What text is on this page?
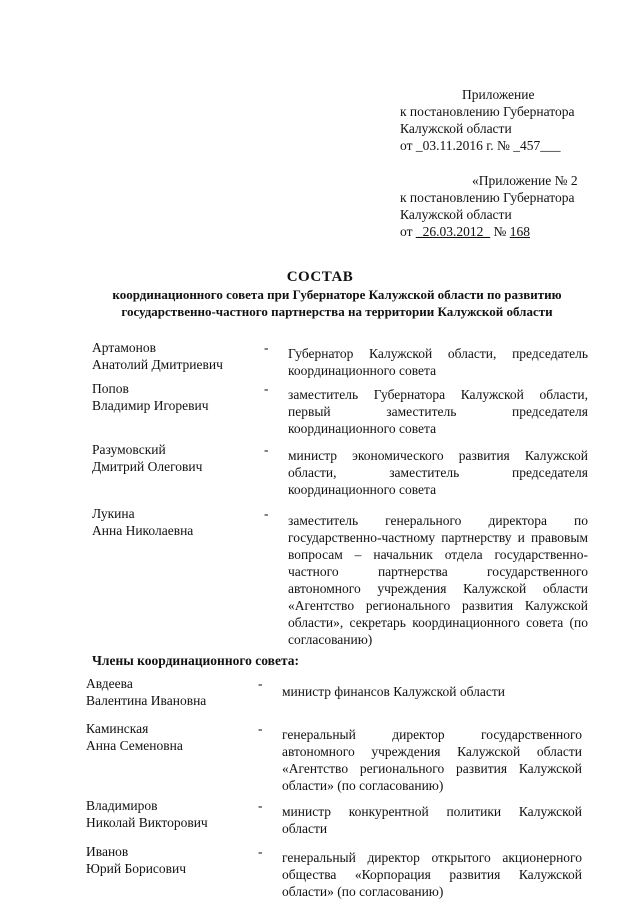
Приложение
к постановлению Губернатора
Калужской области
от _03.11.2016 г. № _457___
«Приложение № 2
к постановлению Губернатора
Калужской области
от _26.03.2012_ № 168
СОСТАВ
координационного совета при Губернаторе Калужской области по развитию
государственно-частного партнерства на территории Калужской области
Артамонов
Анатолий Дмитриевич
- Губернатор Калужской области, председатель координационного совета
Попов
Владимир Игоревич
- заместитель Губернатора Калужской области, первый заместитель председателя координационного совета
Разумовский
Дмитрий Олегович
- министр экономического развития Калужской области, заместитель председателя координационного совета
Лукина
Анна Николаевна
- заместитель генерального директора по государственно-частному партнерству и правовым вопросам – начальник отдела государственно-частного партнерства государственного автономного учреждения Калужской области «Агентство регионального развития Калужской области», секретарь координационного совета (по согласованию)
Члены координационного совета:
Авдеева
Валентина Ивановна
-
министр финансов Калужской области
Каминская
Анна Семеновна
- генеральный директор государственного автономного учреждения Калужской области «Агентство регионального развития Калужской области» (по согласованию)
Владимиров
Николай Викторович
- министр конкурентной политики Калужской области
Иванов
Юрий Борисович
- генеральный директор открытого акционерного общества «Корпорация развития Калужской области» (по согласованию)
